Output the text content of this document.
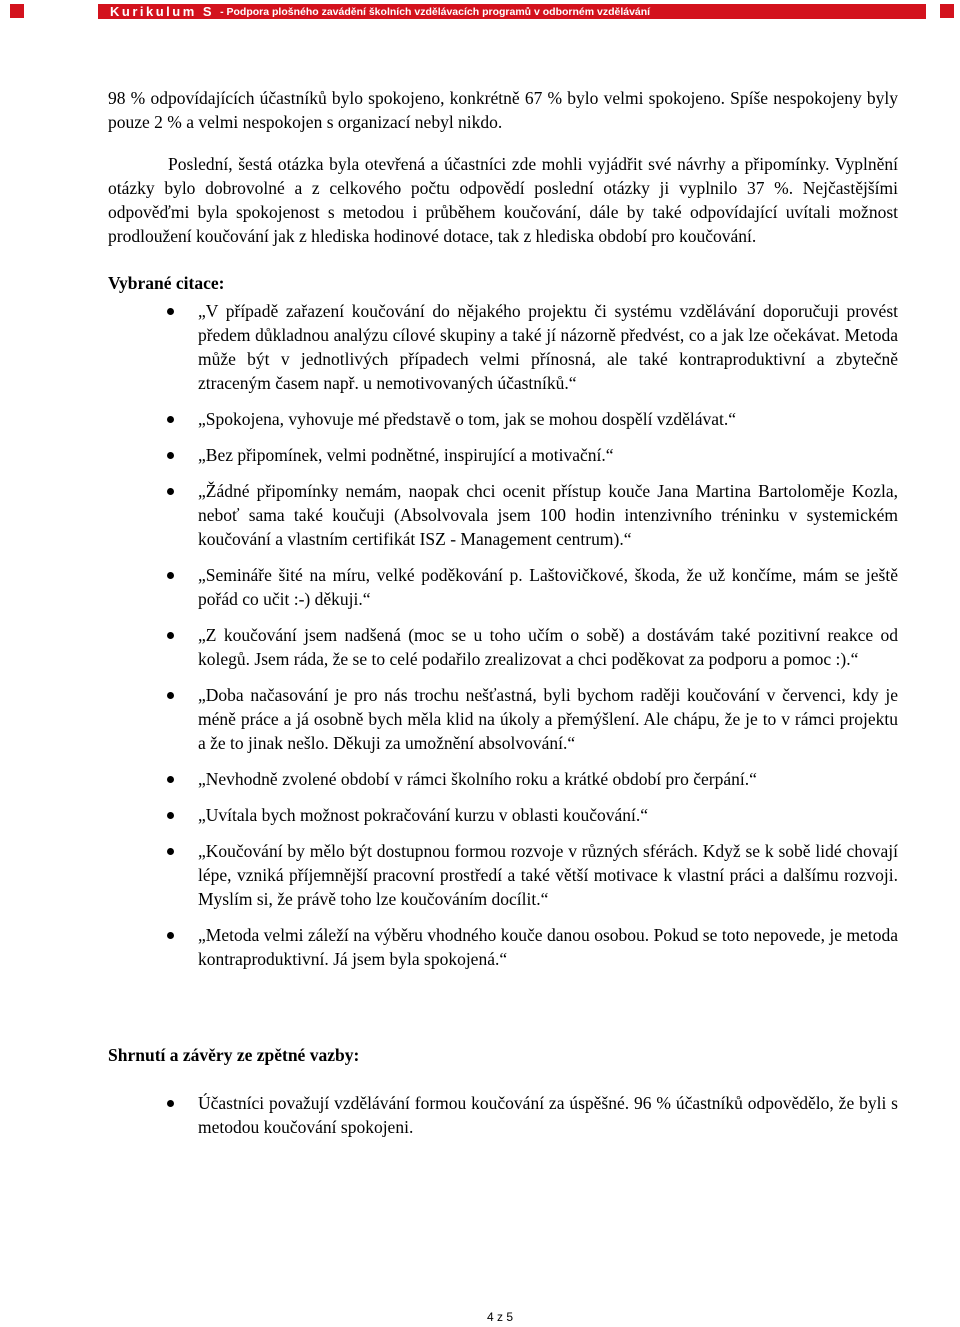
Kurikulum S - Podpora plošného zavádění školních vzdělávacích programů v odborném vzdělávání

98 % odpovídajících účastníků bylo spokojeno, konkrétně 67 % bylo velmi spokojeno. Spíše nespokojeny byly pouze 2 % a velmi nespokojen s organizací nebyl nikdo.

Poslední, šestá otázka byla otevřená a účastníci zde mohli vyjádřit své návrhy a připomínky. Vyplnění otázky bylo dobrovolné a z celkového počtu odpovědí poslední otázky ji vyplnilo 37 %. Nejčastějšími odpověďmi byla spokojenost s metodou i průběhem koučování, dále by také odpovídající uvítali možnost prodloužení koučování jak z hlediska hodinové dotace, tak z hlediska období pro koučování.

Vybrané citace:
„V případě zařazení koučování do nějakého projektu či systému vzdělávání doporučuji provést předem důkladnou analýzu cílové skupiny a také jí názorně předvést, co a jak lze očekávat. Metoda může být v jednotlivých případech velmi přínosná, ale také kontraproduktivní a zbytečně ztraceným časem např. u nemotivovaných účastníků.“
„Spokojena, vyhovuje mé představě o tom, jak se mohou dospělí vzdělávat.“
„Bez připomínek, velmi podnětné, inspirující a motivační.“
„Žádné připomínky nemám, naopak chci ocenit přístup kouče Jana Martina Bartoloměje Kozla, neboť sama také koučuji (Absolvovala jsem 100 hodin intenzivního tréninku v systemickém koučování a vlastním certifikát ISZ - Management centrum).“
„Semináře šité na míru, velké poděkování p. Laštovičkové, škoda, že už končíme, mám se ještě pořád co učit :-) děkuji.“
„Z koučování jsem nadšená (moc se u toho učím o sobě) a dostávám také pozitivní reakce od kolegů. Jsem ráda, že se to celé podařilo zrealizovat a chci poděkovat za podporu a pomoc :).“
„Doba načasování je pro nás trochu nešťastná, byli bychom raději koučování v červenci, kdy je méně práce a já osobně bych měla klid na úkoly a přemýšlení. Ale chápu, že je to v rámci projektu a že to jinak nešlo. Děkuji za umožnění absolvování.“
„Nevhodně zvolené období v rámci školního roku a krátké období pro čerpání.“
„Uvítala bych možnost pokračování kurzu v oblasti koučování.“
„Koučování by mělo být dostupnou formou rozvoje v různých sférách. Když se k sobě lidé chovají lépe, vzniká příjemnější pracovní prostředí a také větší motivace k vlastní práci a dalšímu rozvoji. Myslím si, že právě toho lze koučováním docílit.“
„Metoda velmi záleží na výběru vhodného kouče danou osobou. Pokud se toto nepovede, je metoda kontraproduktivní. Já jsem byla spokojená.“
Shrnutí a závěry ze zpětné vazby:
Účastníci považují vzdělávání formou koučování za úspěšné. 96 % účastníků odpovědělo, že byli s metodou koučování spokojeni.
4 z 5
